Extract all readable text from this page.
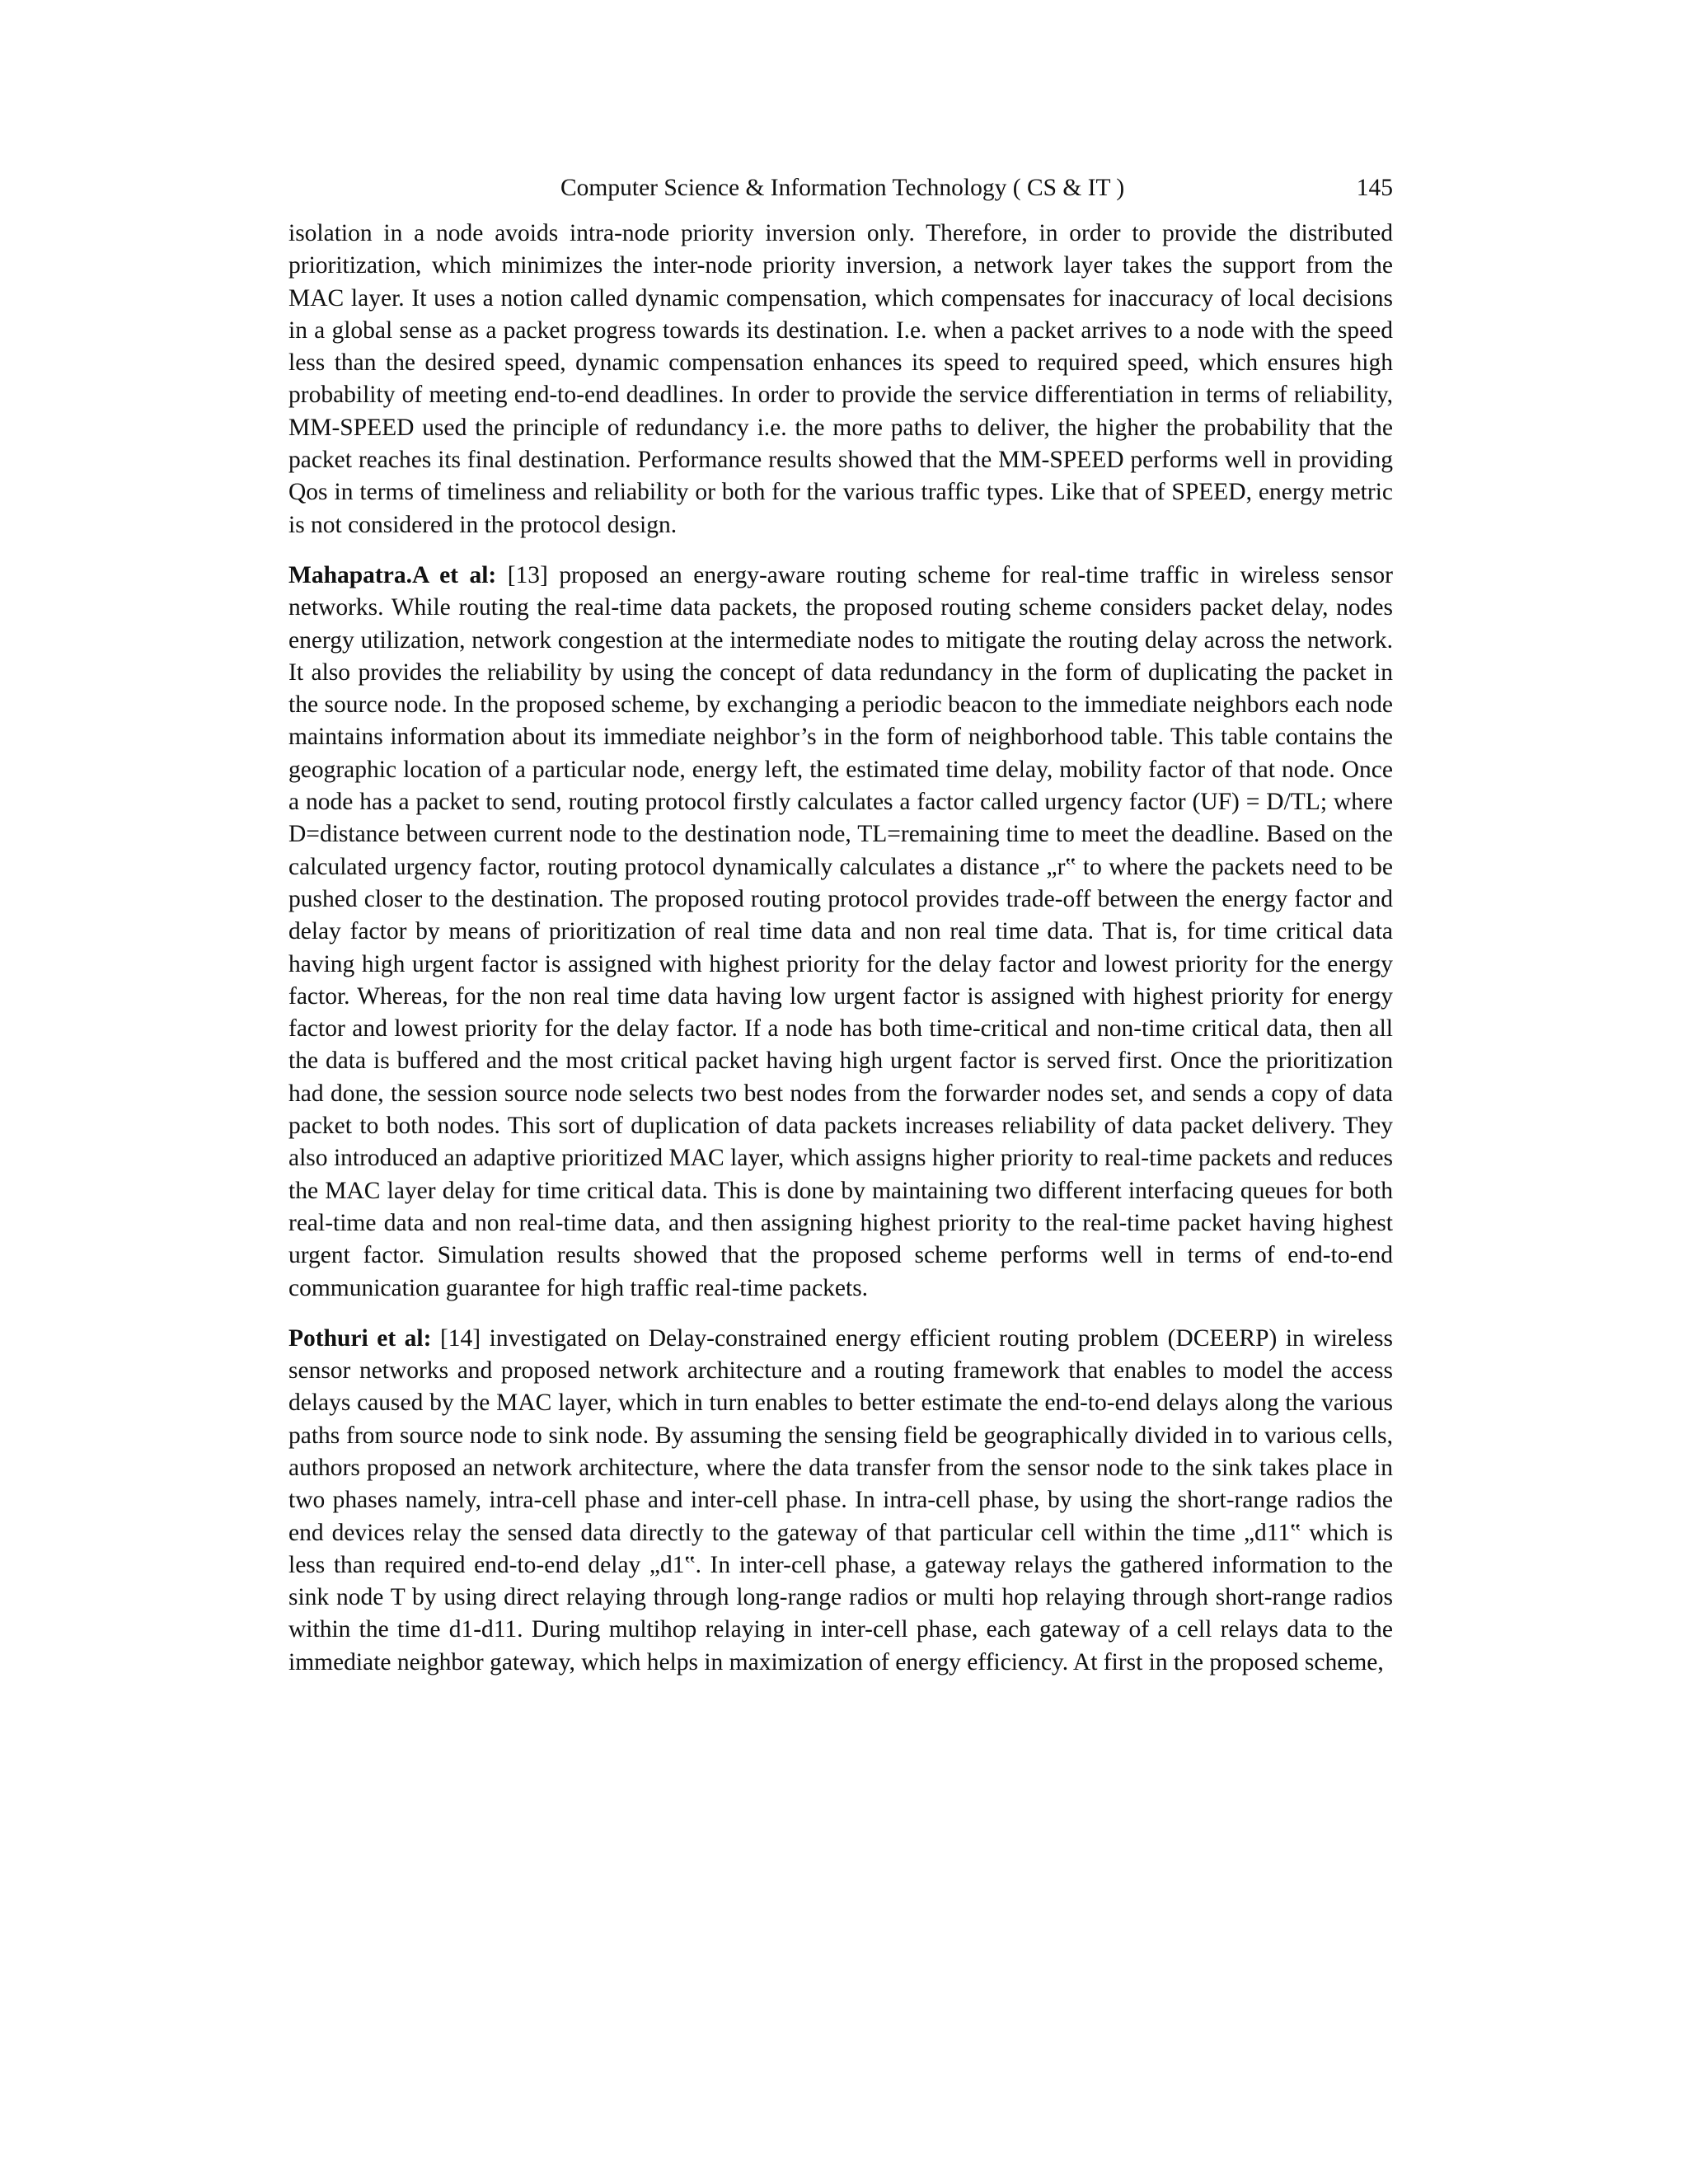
Computer Science & Information Technology ( CS & IT )	145

isolation in a node avoids intra-node priority inversion only. Therefore, in order to provide the distributed prioritization, which minimizes the inter-node priority inversion, a network layer takes the support from the MAC layer. It uses a notion called dynamic compensation, which compensates for inaccuracy of local decisions in a global sense as a packet progress towards its destination. I.e. when a packet arrives to a node with the speed less than the desired speed, dynamic compensation enhances its speed to required speed, which ensures high probability of meeting end-to-end deadlines. In order to provide the service differentiation in terms of reliability, MM-SPEED used the principle of redundancy i.e. the more paths to deliver, the higher the probability that the packet reaches its final destination. Performance results showed that the MM-SPEED performs well in providing Qos in terms of timeliness and reliability or both for the various traffic types. Like that of SPEED, energy metric is not considered in the protocol design.

Mahapatra.A et al: [13] proposed an energy-aware routing scheme for real-time traffic in wireless sensor networks. While routing the real-time data packets, the proposed routing scheme considers packet delay, nodes energy utilization, network congestion at the intermediate nodes to mitigate the routing delay across the network. It also provides the reliability by using the concept of data redundancy in the form of duplicating the packet in the source node. In the proposed scheme, by exchanging a periodic beacon to the immediate neighbors each node maintains information about its immediate neighbor’s in the form of neighborhood table. This table contains the geographic location of a particular node, energy left, the estimated time delay, mobility factor of that node. Once a node has a packet to send, routing protocol firstly calculates a factor called urgency factor (UF) = D/TL; where D=distance between current node to the destination node, TL=remaining time to meet the deadline. Based on the calculated urgency factor, routing protocol dynamically calculates a distance „r‟ to where the packets need to be pushed closer to the destination. The proposed routing protocol provides trade-off between the energy factor and delay factor by means of prioritization of real time data and non real time data. That is, for time critical data having high urgent factor is assigned with highest priority for the delay factor and lowest priority for the energy factor. Whereas, for the non real time data having low urgent factor is assigned with highest priority for energy factor and lowest priority for the delay factor. If a node has both time-critical and non-time critical data, then all the data is buffered and the most critical packet having high urgent factor is served first. Once the prioritization had done, the session source node selects two best nodes from the forwarder nodes set, and sends a copy of data packet to both nodes. This sort of duplication of data packets increases reliability of data packet delivery. They also introduced an adaptive prioritized MAC layer, which assigns higher priority to real-time packets and reduces the MAC layer delay for time critical data. This is done by maintaining two different interfacing queues for both real-time data and non real-time data, and then assigning highest priority to the real-time packet having highest urgent factor. Simulation results showed that the proposed scheme performs well in terms of end-to-end communication guarantee for high traffic real-time packets.

Pothuri et al: [14] investigated on Delay-constrained energy efficient routing problem (DCEERP) in wireless sensor networks and proposed network architecture and a routing framework that enables to model the access delays caused by the MAC layer, which in turn enables to better estimate the end-to-end delays along the various paths from source node to sink node. By assuming the sensing field be geographically divided in to various cells, authors proposed an network architecture, where the data transfer from the sensor node to the sink takes place in two phases namely, intra-cell phase and inter-cell phase. In intra-cell phase, by using the short-range radios the end devices relay the sensed data directly to the gateway of that particular cell within the time „d11‟ which is less than required end-to-end delay „d1‟. In inter-cell phase, a gateway relays the gathered information to the sink node T by using direct relaying through long-range radios or multi hop relaying through short-range radios within the time d1-d11. During multihop relaying in inter-cell phase, each gateway of a cell relays data to the immediate neighbor gateway, which helps in maximization of energy efficiency. At first in the proposed scheme,
